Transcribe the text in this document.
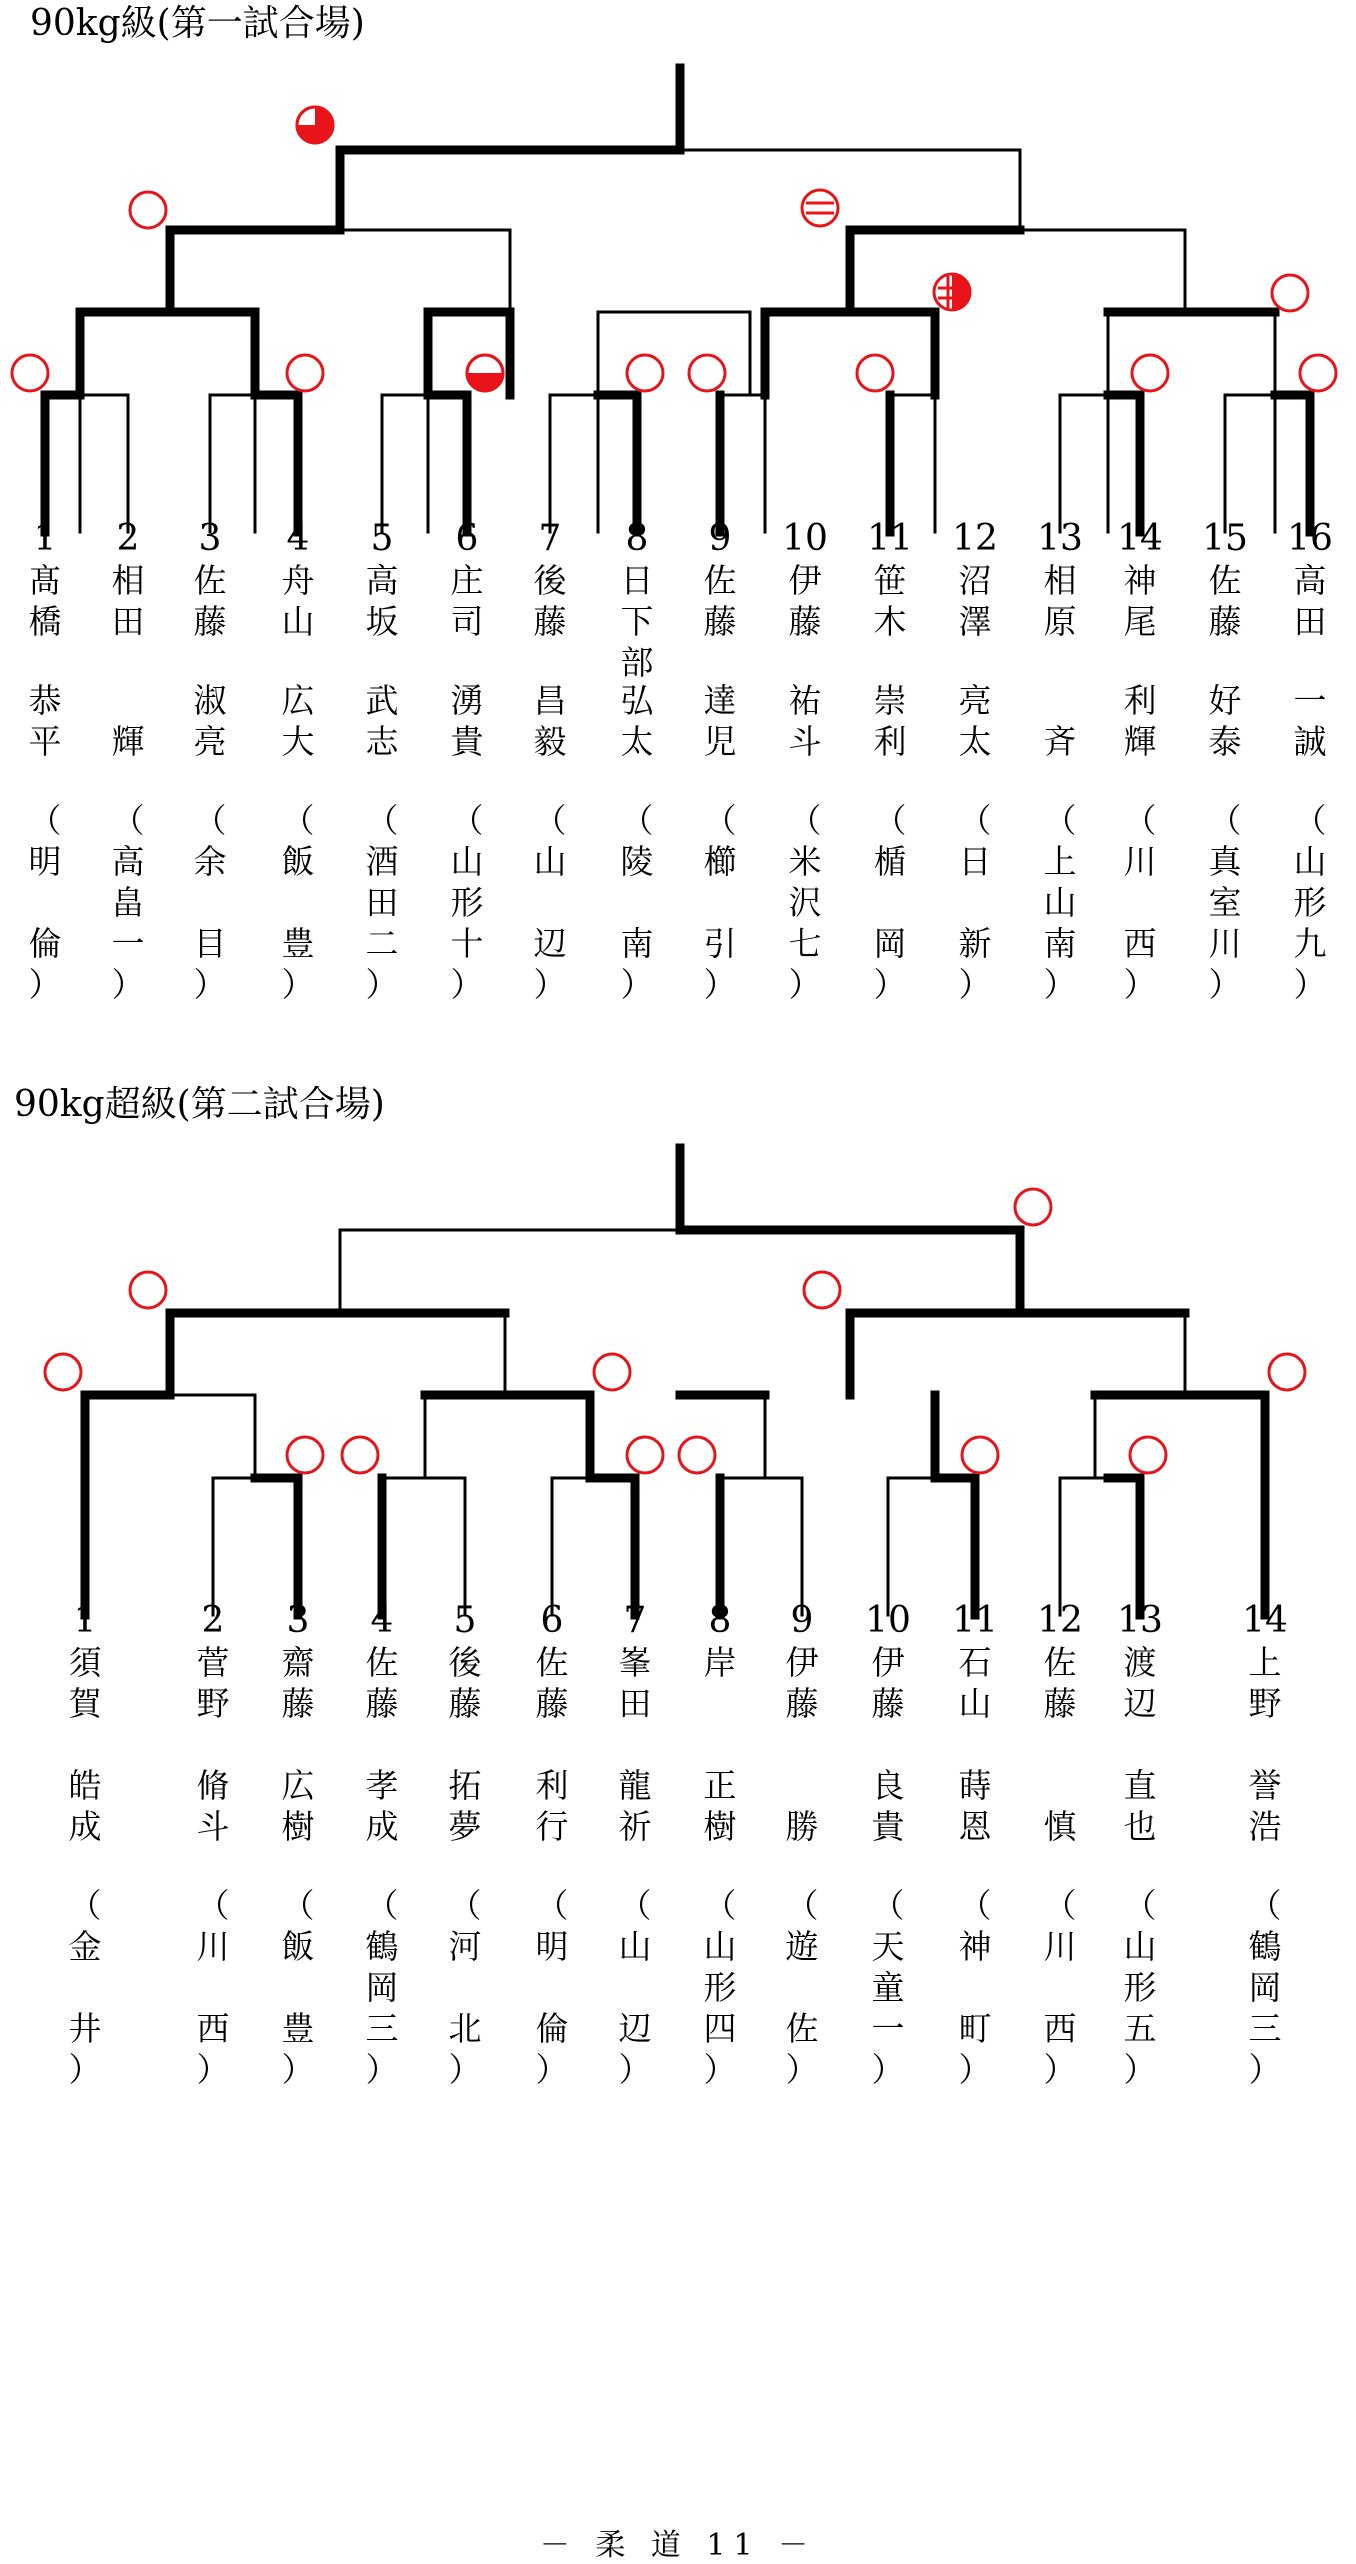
90kg級(第一試合場)
1
髙
橋
恭
平
（
明

倫
）
2
相
田

輝
（
高
畠
一
）
3
佐
藤
淑
亮
（
余

目
）
4
舟
山
広
大
（
飯

豊
）
5
高
坂
武
志
（
酒
田
二
）
6
庄
司
湧
貴
（
山
形
十
）
7
後
藤
昌
毅
（
山

辺
）
8
日
下
部
弘
太
（
陵

南
）
9
佐
藤
達
児
（
櫛

引
）
10
伊
藤
祐
斗
（
米
沢
七
）
11
笹
木
崇
利
（
楯

岡
）
12
沼
澤
亮
太
（
日

新
）
13
相
原

斉
（
上
山
南
）
14
神
尾
利
輝
（
川

西
）
15
佐
藤
好
泰
（
真
室
川
）
16
高
田
一
誠
（
山
形
九
）
90kg超級(第二試合場)
1
須
賀
皓
成
（
金

井
）
2
菅
野
脩
斗
（
川

西
）
3
齋
藤
広
樹
（
飯

豊
）
4
佐
藤
孝
成
（
鶴
岡
三
）
5
後
藤
拓
夢
（
河

北
）
6
佐
藤
利
行
（
明

倫
）
7
峯
田
龍
祈
（
山

辺
）
8
岸
正
樹
（
山
形
四
）
9
伊
藤

勝
（
遊

佐
）
10
伊
藤
良
貴
（
天
童
一
）
11
石
山
蒔
恩
（
神

町
）
12
佐
藤

慎
（
川

西
）
13
渡
辺
直
也
（
山
形
五
）
14
上
野
誉
浩
（
鶴
岡
三
）
－ 柔 道 11 －
